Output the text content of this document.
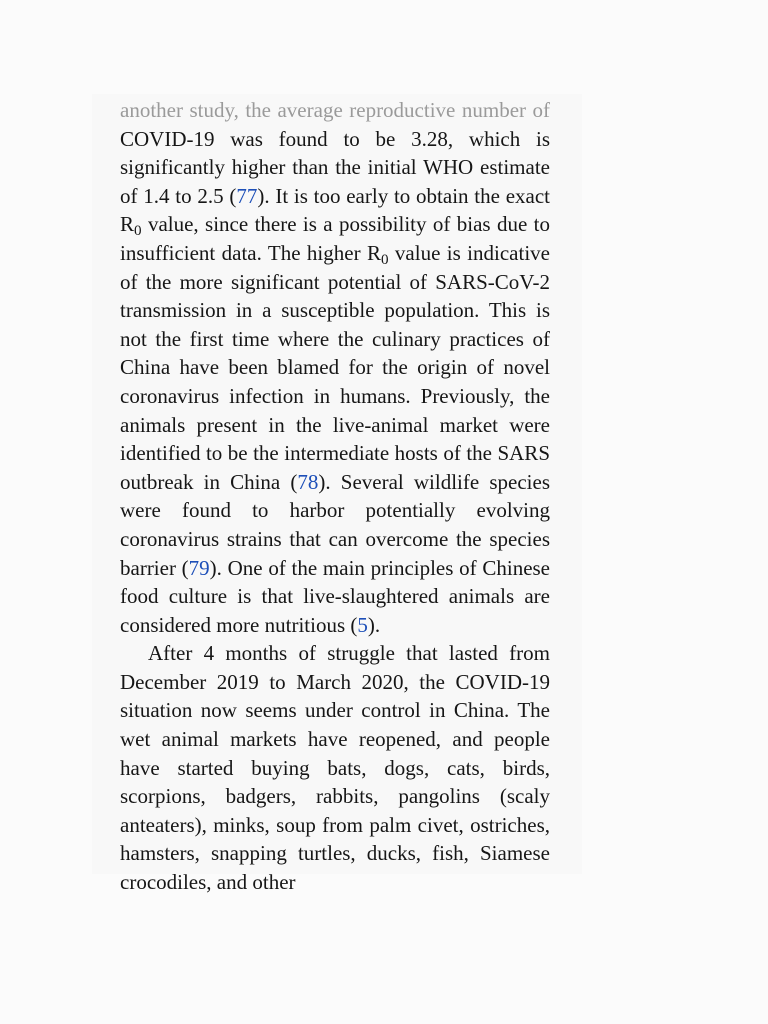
another study, the average reproductive number of COVID-19 was found to be 3.28, which is significantly higher than the initial WHO estimate of 1.4 to 2.5 (77). It is too early to obtain the exact $R_0$ value, since there is a possibility of bias due to insufficient data. The higher $R_0$ value is indicative of the more significant potential of SARS-CoV-2 transmission in a susceptible population. This is not the first time where the culinary practices of China have been blamed for the origin of novel coronavirus infection in humans. Previously, the animals present in the live-animal market were identified to be the intermediate hosts of the SARS outbreak in China (78). Several wildlife species were found to harbor potentially evolving coronavirus strains that can overcome the species barrier (79). One of the main principles of Chinese food culture is that live-slaughtered animals are considered more nutritious (5).

After 4 months of struggle that lasted from December 2019 to March 2020, the COVID-19 situation now seems under control in China. The wet animal markets have reopened, and people have started buying bats, dogs, cats, birds, scorpions, badgers, rabbits, pangolins (scaly anteaters), minks, soup from palm civet, ostriches, hamsters, snapping turtles, ducks, fish, Siamese crocodiles, and other
